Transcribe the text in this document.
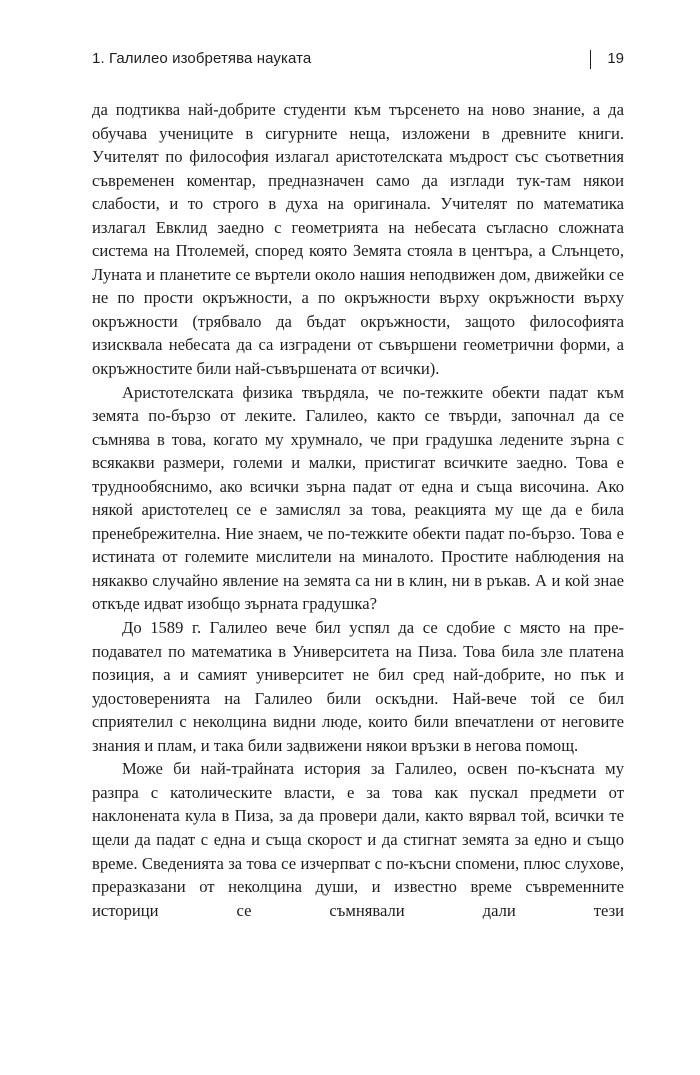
1. Галилео изобретява науката	19

да подтиква най-добрите студенти към търсенето на ново знание, а да обучава учениците в сигурните неща, изложени в древните книги. Учителят по философия излагал аристотелската мъдрост със съответния съвременен коментар, предназначен само да изглади тук-там някои слабости, и то строго в духа на оригинала. Учителят по математика излагал Евклид заедно с геометрията на небесата съгласно сложната система на Птолемей, според която Земята стояла в центъра, а Слънцето, Луната и планетите се въртели около нашия неподвижен дом, движейки се не по прости окръжности, а по окръжности върху окръжности върху окръжности (трябвало да бъдат окръжности, защото философията изисквала небесата да са изградени от съвършени геометрични форми, а окръжностите били най-съвършената от всички).

Аристотелската физика твърдяла, че по-тежките обекти падат към земята по-бързо от леките. Галилео, както се твърди, започнал да се съмнява в това, когато му хрумнало, че при градушка ледените зърна с всякакви размери, големи и малки, пристигат всичките заедно. Това е труднообяснимо, ако всички зърна падат от една и съща височина. Ако някой аристотелец се е замислял за това, реакцията му ще да е била пренебрежителна. Ние знаем, че по-тежките обекти падат по-бързо. Това е истината от големите мислители на миналото. Простите наблюдения на някакво случайно явление на земята са ни в клин, ни в ръкав. А и кой знае откъде идват изобщо зърната градушка?

До 1589 г. Галилео вече бил успял да се сдобие с място на преподавател по математика в Университета на Пиза. Това била зле платена позиция, а и самият университет не бил сред най-добрите, но пък и удостоверенията на Галилео били оскъдни. Най-вече той се бил сприятелил с неколцина видни люде, които били впечатлени от неговите знания и плам, и така били задвижени някои връзки в негова помощ.

Може би най-трайната история за Галилео, освен по-късната му разпра с католическите власти, е за това как пускал предмети от наклонената кула в Пиза, за да провери дали, както вярвал той, всички те щели да падат с една и съща скорост и да стигнат земята за едно и също време. Сведенията за това се изчерпват с по-късни спомени, плюс слухове, преразказани от неколцина души, и известно време съвременните историци се съмнявали дали тези
